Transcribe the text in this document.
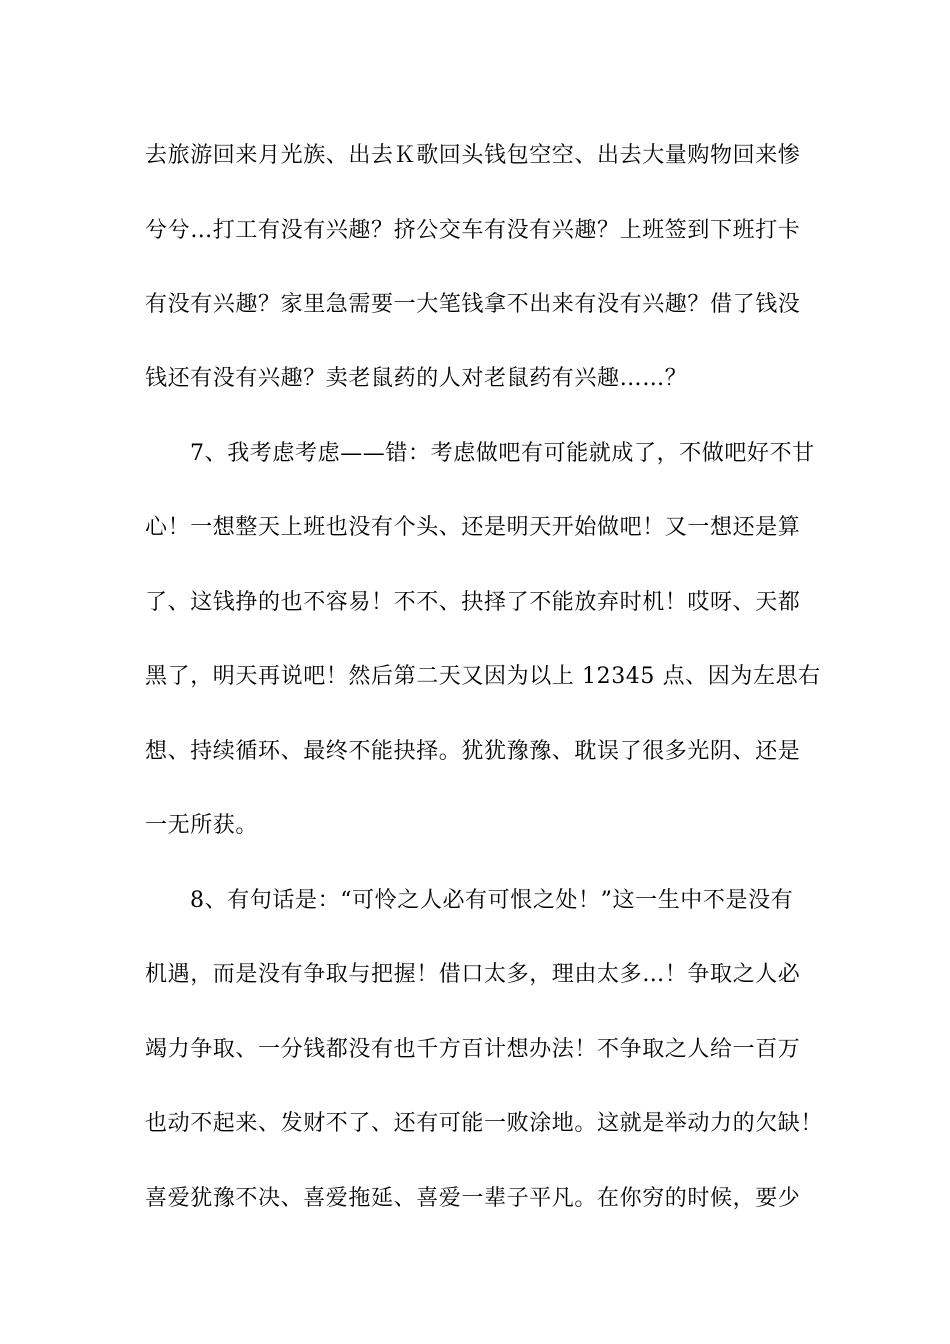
去旅游回来月光族、出去Ｋ歌回头钱包空空、出去大量购物回来惨
兮兮…打工有没有兴趣？挤公交车有没有兴趣？上班签到下班打卡
有没有兴趣？家里急需要一大笔钱拿不出来有没有兴趣？借了钱没
钱还有没有兴趣？卖老鼠药的人对老鼠药有兴趣……？
7、我考虑考虑——错：考虑做吧有可能就成了，不做吧好不甘
心！一想整天上班也没有个头、还是明天开始做吧！又一想还是算
了、这钱挣的也不容易！不不、抉择了不能放弃时机！哎呀、天都
黑了，明天再说吧！然后第二天又因为以上 12345 点、因为左思右
想、持续循环、最终不能抉择。犹犹豫豫、耽误了很多光阴、还是
一无所获。
8、有句话是：“可怜之人必有可恨之处！”这一生中不是没有
机遇，而是没有争取与把握！借口太多，理由太多…！争取之人必
竭力争取、一分钱都没有也千方百计想办法！不争取之人给一百万
也动不起来、发财不了、还有可能一败涂地。这就是举动力的欠缺！
喜爱犹豫不决、喜爱拖延、喜爱一辈子平凡。在你穷的时候，要少
